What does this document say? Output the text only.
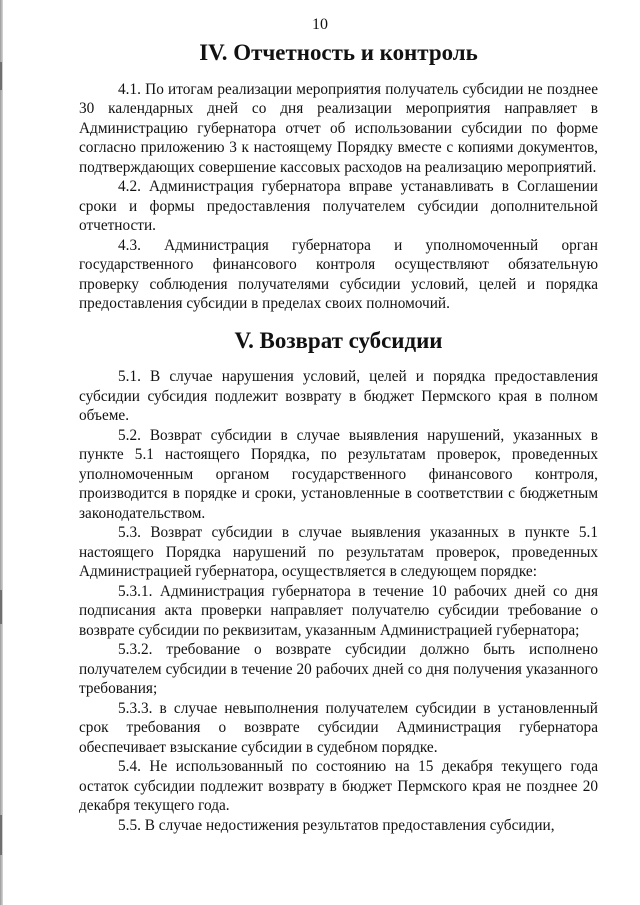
10
IV. Отчетность и контроль

4.1. По итогам реализации мероприятия получатель субсидии не позднее 30 календарных дней со дня реализации мероприятия направляет в Администрацию губернатора отчет об использовании субсидии по форме согласно приложению 3 к настоящему Порядку вместе с копиями документов, подтверждающих совершение кассовых расходов на реализацию мероприятий.

4.2. Администрация губернатора вправе устанавливать в Соглашении сроки и формы предоставления получателем субсидии дополнительной отчетности.

4.3. Администрация губернатора и уполномоченный орган государственного финансового контроля осуществляют обязательную проверку соблюдения получателями субсидии условий, целей и порядка предоставления субсидии в пределах своих полномочий.

V. Возврат субсидии

5.1. В случае нарушения условий, целей и порядка предоставления субсидии субсидия подлежит возврату в бюджет Пермского края в полном объеме.

5.2. Возврат субсидии в случае выявления нарушений, указанных в пункте 5.1 настоящего Порядка, по результатам проверок, проведенных уполномоченным органом государственного финансового контроля, производится в порядке и сроки, установленные в соответствии с бюджетным законодательством.

5.3. Возврат субсидии в случае выявления указанных в пункте 5.1 настоящего Порядка нарушений по результатам проверок, проведенных Администрацией губернатора, осуществляется в следующем порядке:

5.3.1. Администрация губернатора в течение 10 рабочих дней со дня подписания акта проверки направляет получателю субсидии требование о возврате субсидии по реквизитам, указанным Администрацией губернатора;

5.3.2. требование о возврате субсидии должно быть исполнено получателем субсидии в течение 20 рабочих дней со дня получения указанного требования;

5.3.3. в случае невыполнения получателем субсидии в установленный срок требования о возврате субсидии Администрация губернатора обеспечивает взыскание субсидии в судебном порядке.

5.4. Не использованный по состоянию на 15 декабря текущего года остаток субсидии подлежит возврату в бюджет Пермского края не позднее 20 декабря текущего года.

5.5. В случае недостижения результатов предоставления субсидии,
